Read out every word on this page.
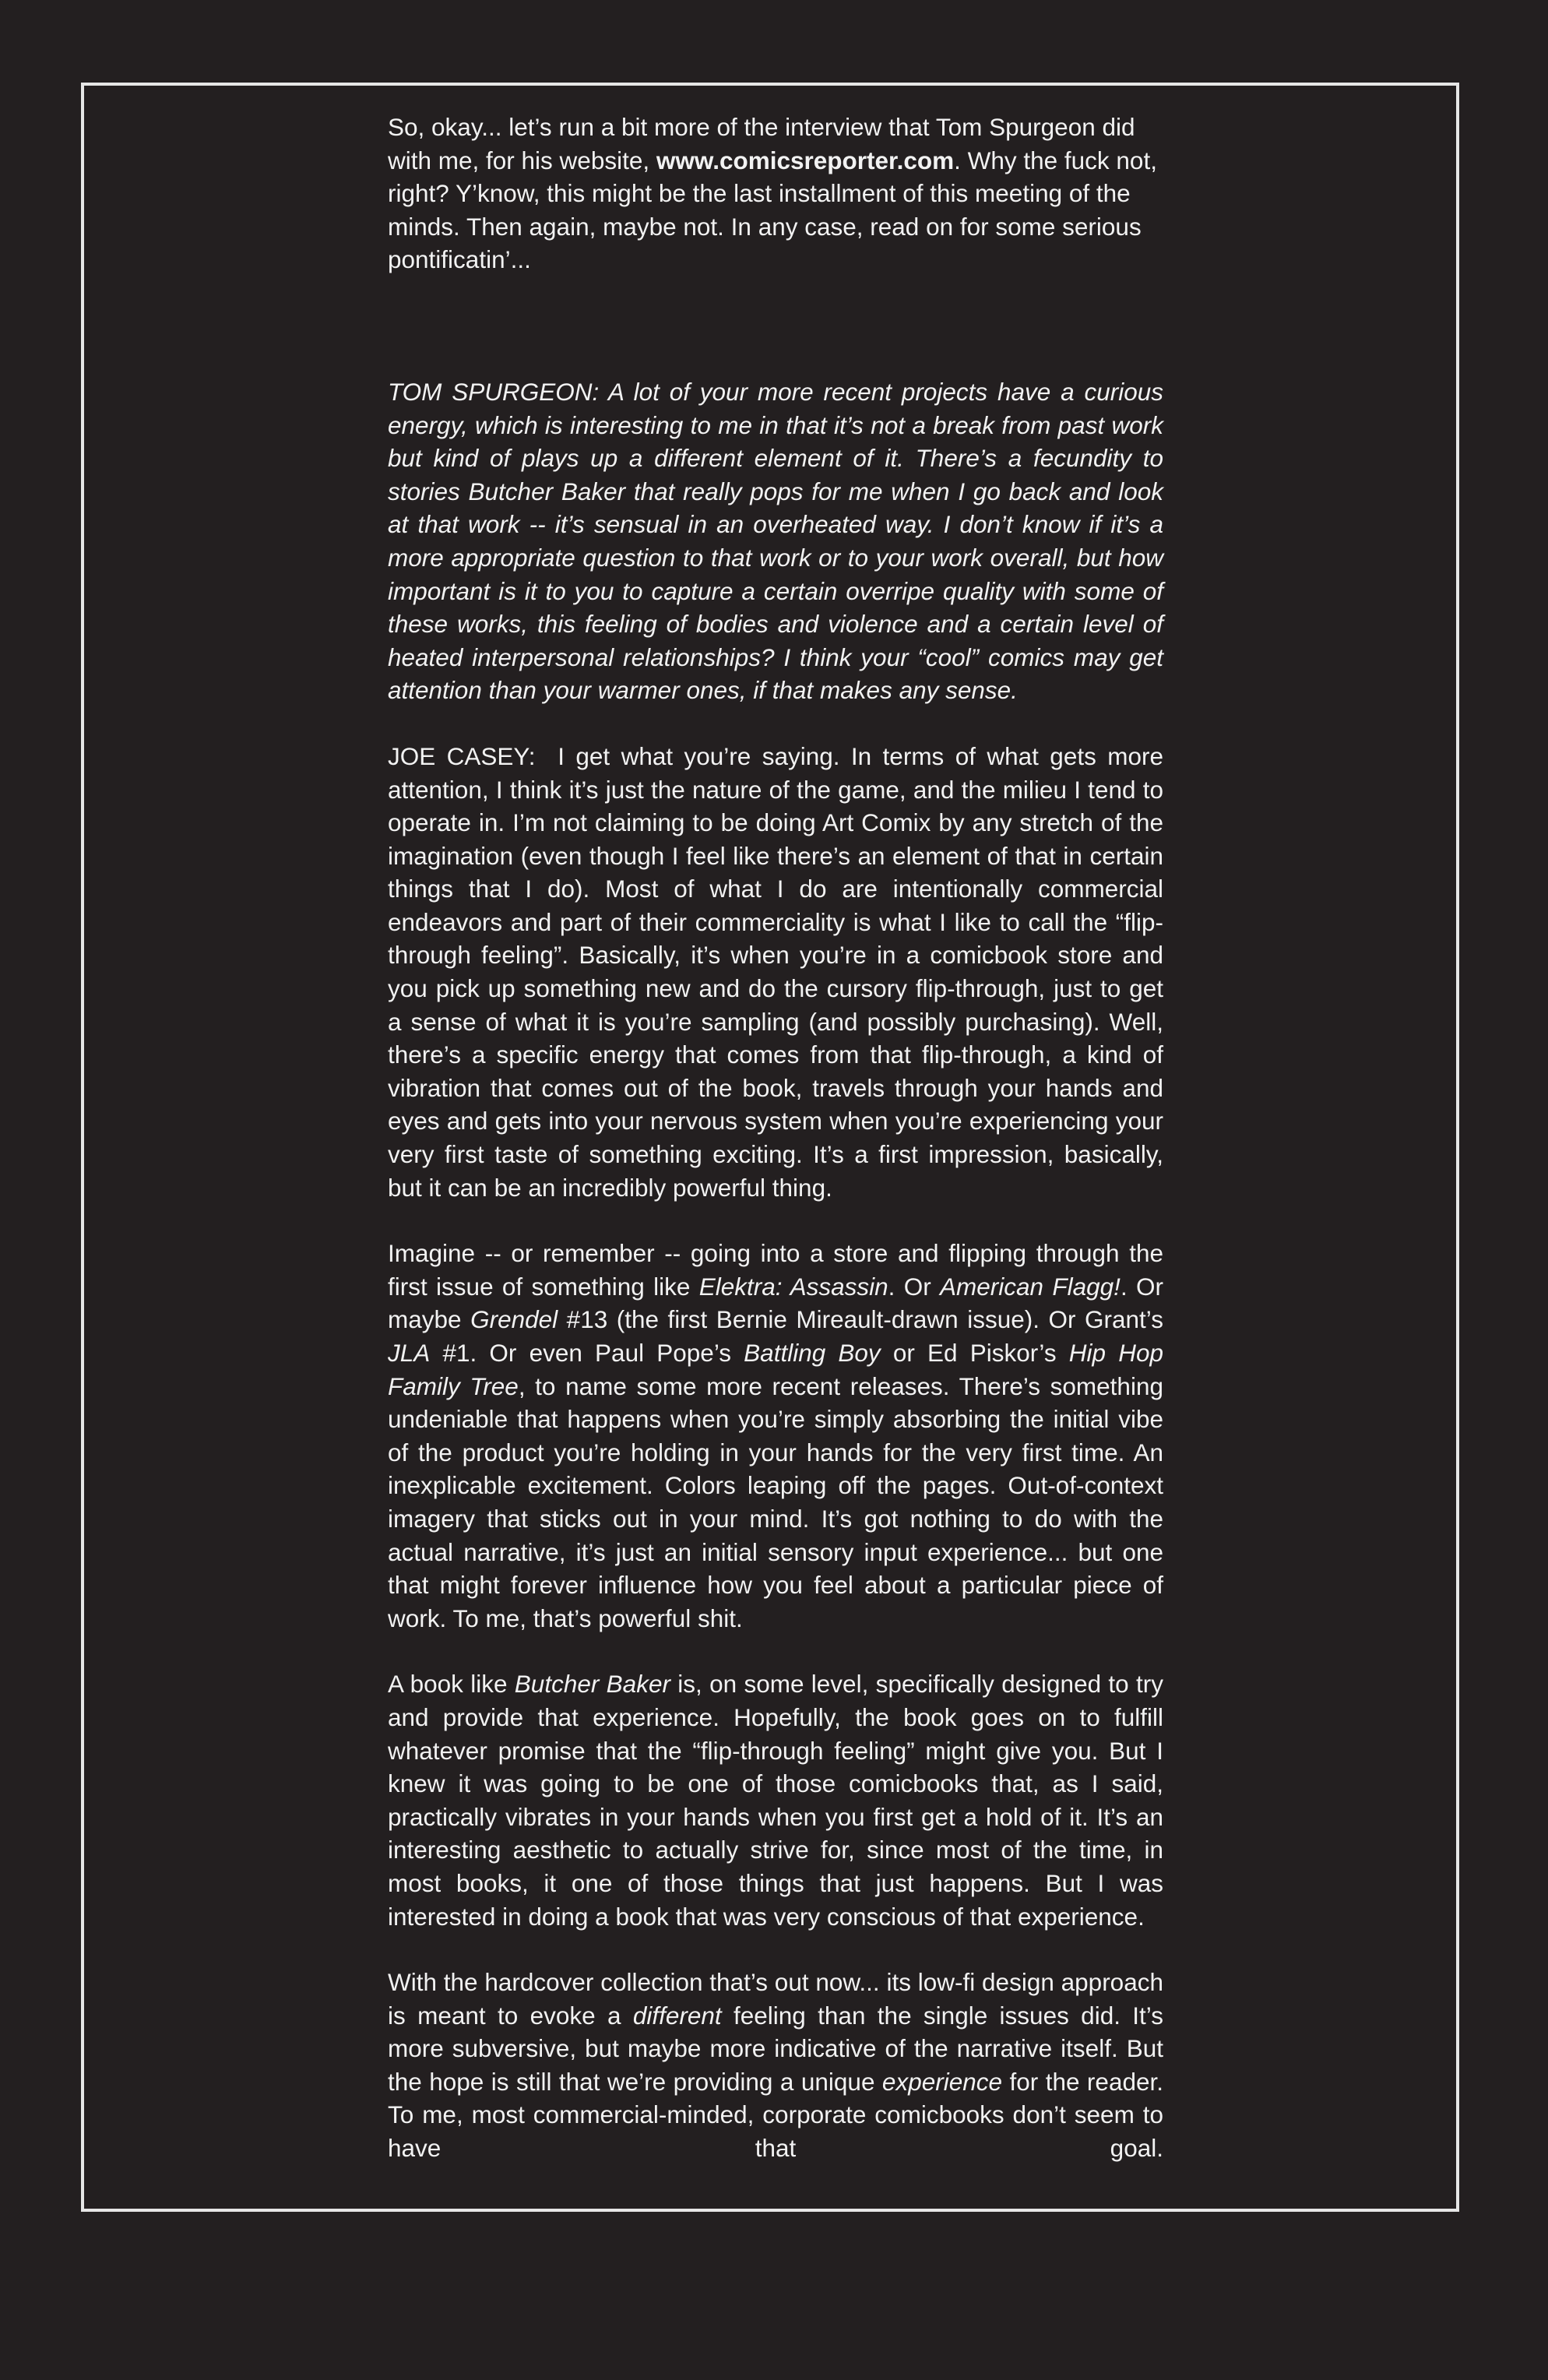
So, okay... let’s run a bit more of the interview that Tom Spurgeon did with me, for his website, www.comicsreporter.com. Why the fuck not, right? Y’know, this might be the last installment of this meeting of the minds. Then again, maybe not. In any case, read on for some serious pontificatin’...

TOM SPURGEON: A lot of your more recent projects have a curious energy, which is interesting to me in that it’s not a break from past work but kind of plays up a different element of it. There’s a fecundity to stories Butcher Baker that really pops for me when I go back and look at that work -- it’s sensual in an overheated way. I don’t know if it’s a more appropriate question to that work or to your work overall, but how important is it to you to capture a certain overripe quality with some of these works, this feeling of bodies and violence and a certain level of heated interpersonal relationships? I think your “cool” comics may get attention than your warmer ones, if that makes any sense.

JOE CASEY:  I get what you’re saying. In terms of what gets more attention, I think it’s just the nature of the game, and the milieu I tend to operate in. I’m not claiming to be doing Art Comix by any stretch of the imagination (even though I feel like there’s an element of that in certain things that I do). Most of what I do are intentionally commercial endeavors and part of their commerciality is what I like to call the “flip-through feeling”. Basically, it’s when you’re in a comicbook store and you pick up something new and do the cursory flip-through, just to get a sense of what it is you’re sampling (and possibly purchasing). Well, there’s a specific energy that comes from that flip-through, a kind of vibration that comes out of the book, travels through your hands and eyes and gets into your nervous system when you’re experiencing your very first taste of something exciting. It’s a first impression, basically, but it can be an incredibly powerful thing.

Imagine -- or remember -- going into a store and flipping through the first issue of something like Elektra: Assassin. Or American Flagg!. Or maybe Grendel #13 (the first Bernie Mireault-drawn issue). Or Grant’s JLA #1. Or even Paul Pope’s Battling Boy or Ed Piskor’s Hip Hop Family Tree, to name some more recent releases. There’s something undeniable that happens when you’re simply absorbing the initial vibe of the product you’re holding in your hands for the very first time. An inexplicable excitement. Colors leaping off the pages. Out-of-context imagery that sticks out in your mind. It’s got nothing to do with the actual narrative, it’s just an initial sensory input experience... but one that might forever influence how you feel about a particular piece of work. To me, that’s powerful shit.

A book like Butcher Baker is, on some level, specifically designed to try and provide that experience. Hopefully, the book goes on to fulfill whatever promise that the “flip-through feeling” might give you. But I knew it was going to be one of those comicbooks that, as I said, practically vibrates in your hands when you first get a hold of it. It’s an interesting aesthetic to actually strive for, since most of the time, in most books, it one of those things that just happens. But I was interested in doing a book that was very conscious of that experience.

With the hardcover collection that’s out now... its low-fi design approach is meant to evoke a different feeling than the single issues did. It’s more subversive, but maybe more indicative of the narrative itself. But the hope is still that we’re providing a unique experience for the reader. To me, most commercial-minded, corporate comicbooks don’t seem to have that goal.
